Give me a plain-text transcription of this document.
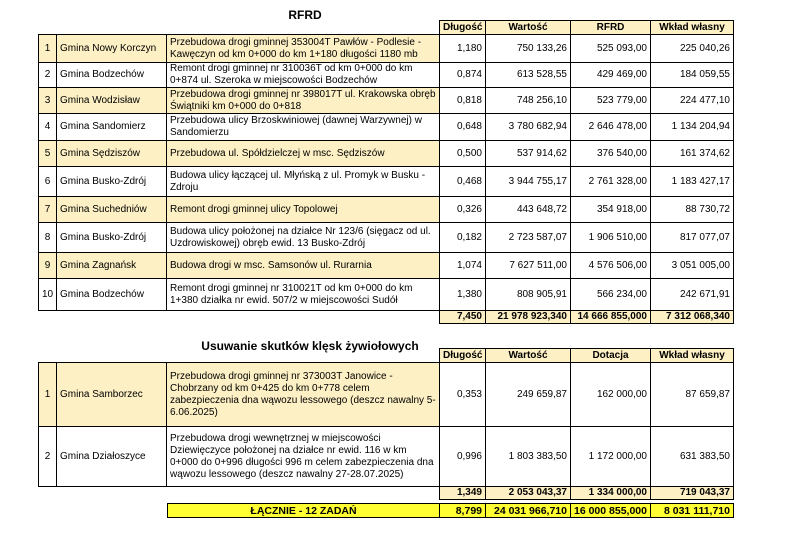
RFRD
			Długość	Wartość	RFRD	Wkład własny
1	Gmina Nowy Korczyn	Przebudowa drogi gminnej 353004T Pawłów - Podlesie - Kawęczyn od km 0+000 do km 1+180 długości 1180 mb	1,180	750 133,26	525 093,00	225 040,26
2	Gmina Bodzechów	Remont drogi gminnej nr 310036T od km 0+000 do km 0+874 ul. Szeroka w miejscowości Bodzechów	0,874	613 528,55	429 469,00	184 059,55
3	Gmina Wodzisław	Przebudowa drogi gminnej nr 398017T ul. Krakowska obręb Świątniki km 0+000 do 0+818	0,818	748 256,10	523 779,00	224 477,10
4	Gmina Sandomierz	Przebudowa ulicy Brzoskwiniowej (dawnej Warzywnej) w Sandomierzu	0,648	3 780 682,94	2 646 478,00	1 134 204,94
5	Gmina Sędziszów	Przebudowa ul. Spółdzielczej w msc. Sędziszów	0,500	537 914,62	376 540,00	161 374,62
6	Gmina Busko-Zdrój	Budowa ulicy łączącej ul. Młyńską z ul. Promyk w Busku - Zdroju	0,468	3 944 755,17	2 761 328,00	1 183 427,17
7	Gmina Suchedniów	Remont drogi gminnej ulicy Topolowej	0,326	443 648,72	354 918,00	88 730,72
8	Gmina Busko-Zdrój	Budowa ulicy położonej na działce Nr 123/6 (sięgacz od ul. Uzdrowiskowej) obręb ewid. 13 Busko-Zdrój	0,182	2 723 587,07	1 906 510,00	817 077,07
9	Gmina Zagnańsk	Budowa drogi w msc. Samsonów ul. Rurarnia	1,074	7 627 511,00	4 576 506,00	3 051 005,00
10	Gmina Bodzechów	Remont drogi gminnej nr 310021T od km 0+000 do km 1+380 działka nr ewid. 507/2 w miejscowości Sudół	1,380	808 905,91	566 234,00	242 671,91
			7,450	21 978 923,340	14 666 855,000	7 312 068,340
Usuwanie skutków klęsk żywiołowych
			Długość	Wartość	Dotacja	Wkład własny
1	Gmina Samborzec	Przebudowa drogi gminnej nr 373003T Janowice - Chobrzany od km 0+425 do km 0+778 celem zabezpieczenia dna wąwozu lessowego (deszcz nawalny 5-6.06.2025)	0,353	249 659,87	162 000,00	87 659,87
2	Gmina Działoszyce	Przebudowa drogi wewnętrznej w miejscowości Dziewięczyce położonej na działce nr ewid. 116 w km 0+000 do 0+996 długości 996 m celem zabezpieczenia dna wąwozu lessowego (deszcz nawalny 27-28.07.2025)	0,996	1 803 383,50	1 172 000,00	631 383,50
			1,349	2 053 043,37	1 334 000,00	719 043,37
ŁĄCZNIE - 12 ZADAŃ	8,799	24 031 966,710	16 000 855,000	8 031 111,710
